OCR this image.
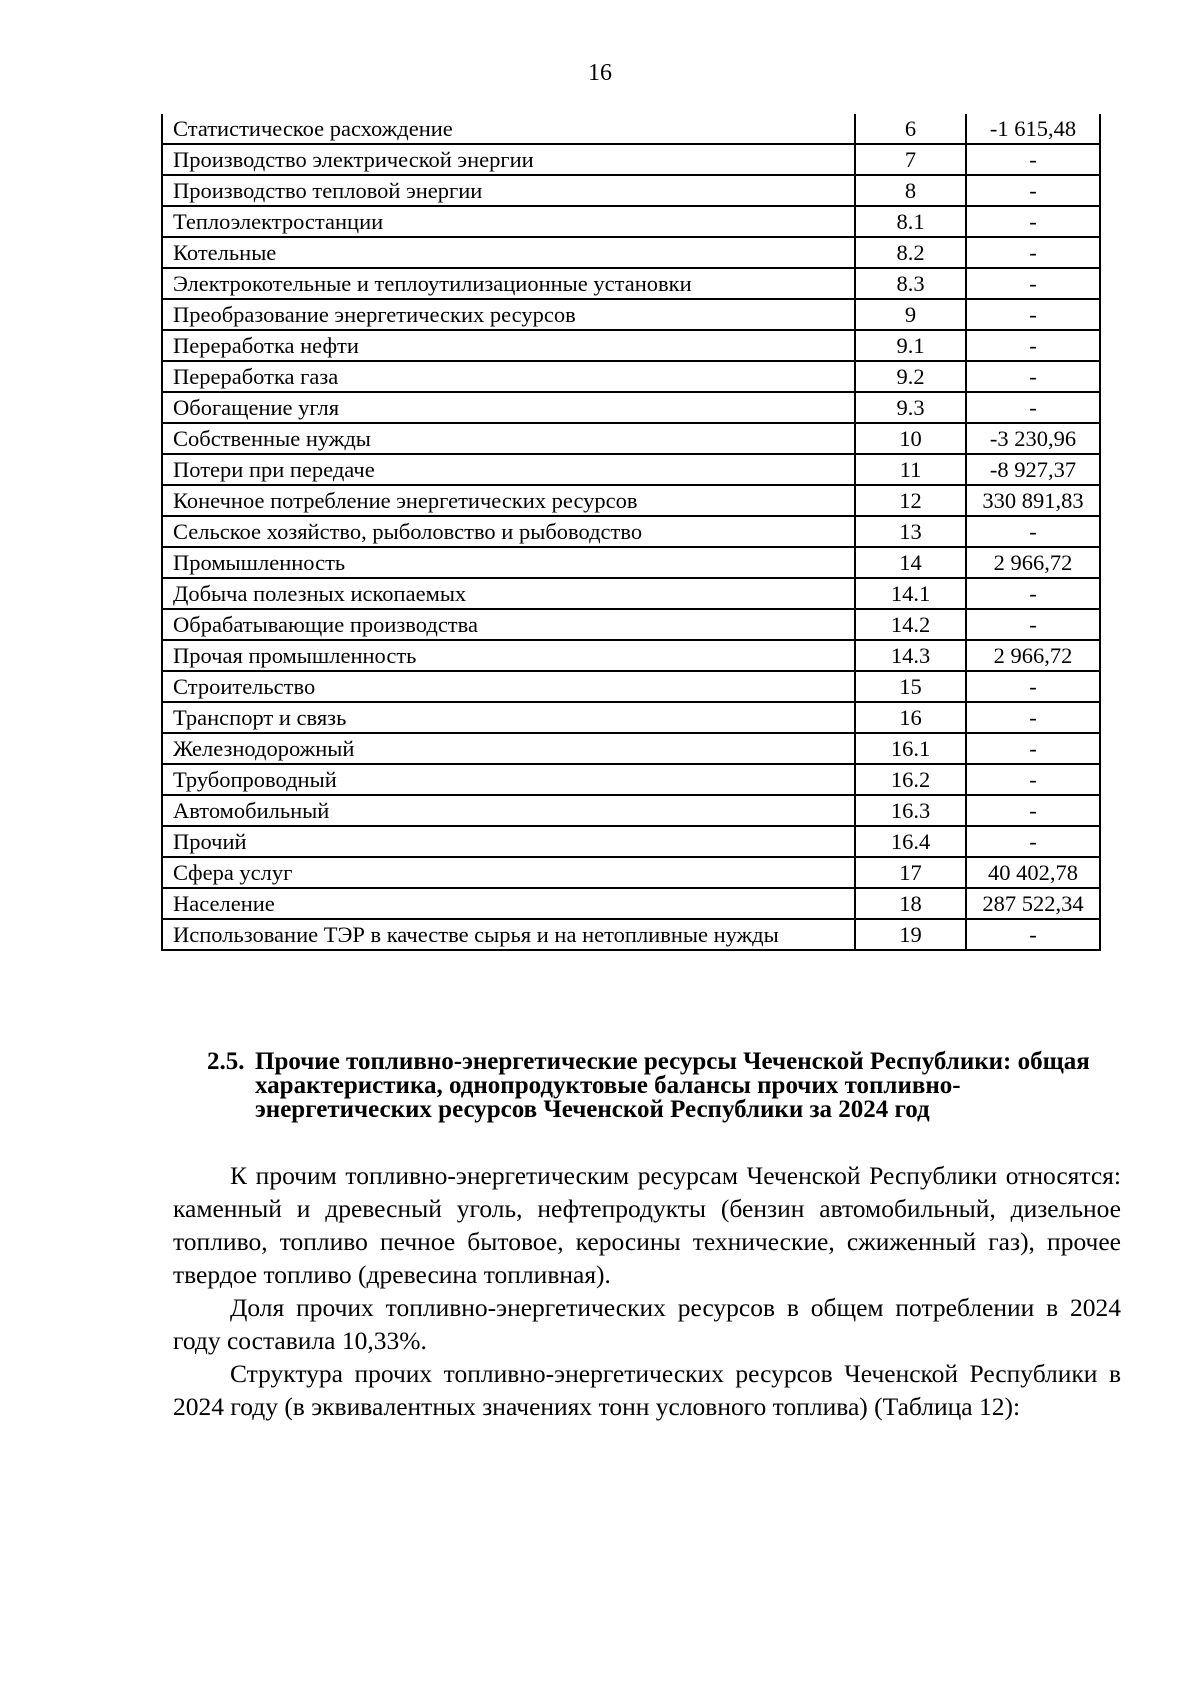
16
Статистическое расхождение	6	-1 615,48
Производство электрической энергии	7	-
Производство тепловой энергии	8	-
Теплоэлектростанции	8.1	-
Котельные	8.2	-
Электрокотельные и теплоутилизационные установки	8.3	-
Преобразование энергетических ресурсов	9	-
Переработка нефти	9.1	-
Переработка газа	9.2	-
Обогащение угля	9.3	-
Собственные нужды	10	-3 230,96
Потери при передаче	11	-8 927,37
Конечное потребление энергетических ресурсов	12	330 891,83
Сельское хозяйство, рыболовство и рыбоводство	13	-
Промышленность	14	2 966,72
Добыча полезных ископаемых	14.1	-
Обрабатывающие производства	14.2	-
Прочая промышленность	14.3	2 966,72
Строительство	15	-
Транспорт и связь	16	-
Железнодорожный	16.1	-
Трубопроводный	16.2	-
Автомобильный	16.3	-
Прочий	16.4	-
Сфера услуг	17	40 402,78
Население	18	287 522,34
Использование ТЭР в качестве сырья и на нетопливные нужды	19	-
2.5. Прочие топливно-энергетические ресурсы Чеченской Республики: общая характеристика, однопродуктовые балансы прочих топливно-энергетических ресурсов Чеченской Республики за 2024 год

К прочим топливно-энергетическим ресурсам Чеченской Республики относятся: каменный и древесный уголь, нефтепродукты (бензин автомобильный, дизельное топливо, топливо печное бытовое, керосины технические, сжиженный газ), прочее твердое топливо (древесина топливная).

Доля прочих топливно-энергетических ресурсов в общем потреблении в 2024 году составила 10,33%.

Структура прочих топливно-энергетических ресурсов Чеченской Республики в 2024 году (в эквивалентных значениях тонн условного топлива) (Таблица 12):
